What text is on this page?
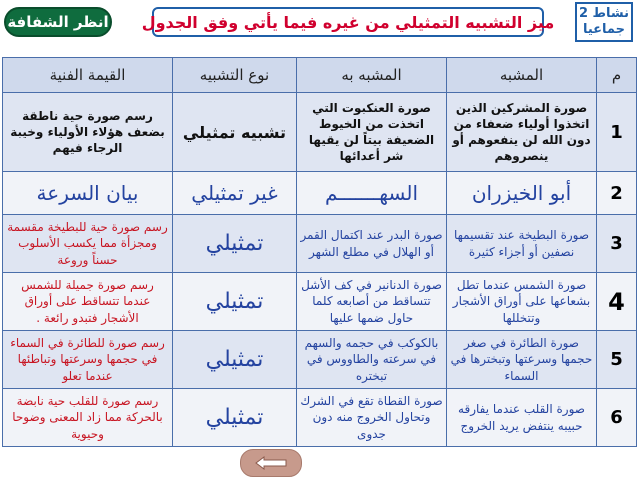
انظر الشفافة ميز التشبيه التمثيلي من غيره فيما يأتي وفق الجدول نشاط 2
جماعيا
م	المشبه	المشبه به	نوع التشبيه	القيمة الفنية
1	صورة المشركين الذين اتخذوا أولياء ضعفاء من دون الله لن ينفعوهم أو ينصروهم	صورة العنكبوت التي اتخذت من الخيوط الضعيفة بيتاً لن يقيها شر أعدائها	تشبيه تمثيلي	رسم صورة حية ناطقة بضعف هؤلاء الأولياء وخيبة الرجاء فيهم
2	أبو الخيزران	السهـــــــم	غير تمثيلي	بيان السرعة
3	صورة البطيخة عند تقسيمها نصفين أو أجزاء كثيرة	صورة البدر عند اكتمال القمر أو الهلال في مطلع الشهر	تمثيلي	رسم صورة حية للبطيخة مقسمة ومجزأة مما يكسب الأسلوب حسناً وروعة
4	صورة الشمس عندما تطل بشعاعها على أوراق الأشجار وتتخللها	صورة الدنانير في كف الأشل تتساقط من أصابعه كلما حاول ضمها عليها	تمثيلي	رسم صورة جميلة للشمس عندما تتساقط على أوراق الأشجار فتبدو رائعة .
5	صورة الطائرة في صغر حجمها وسرعتها وتبخترها في السماء	بالكوكب في حجمه والسهم في سرعته والطاووس في تبختره	تمثيلي	رسم صورة للطائرة في السماء في حجمها وسرعتها وتباطئها عندما تعلو
6	صورة القلب عندما يفارقه حبيبه ينتفض يريد الخروج	صورة القطاة تقع في الشرك وتحاول الخروج منه دون جدوى	تمثيلي	رسم صورة للقلب حية نابضة بالحركة مما زاد المعنى وضوحا وحيوية
